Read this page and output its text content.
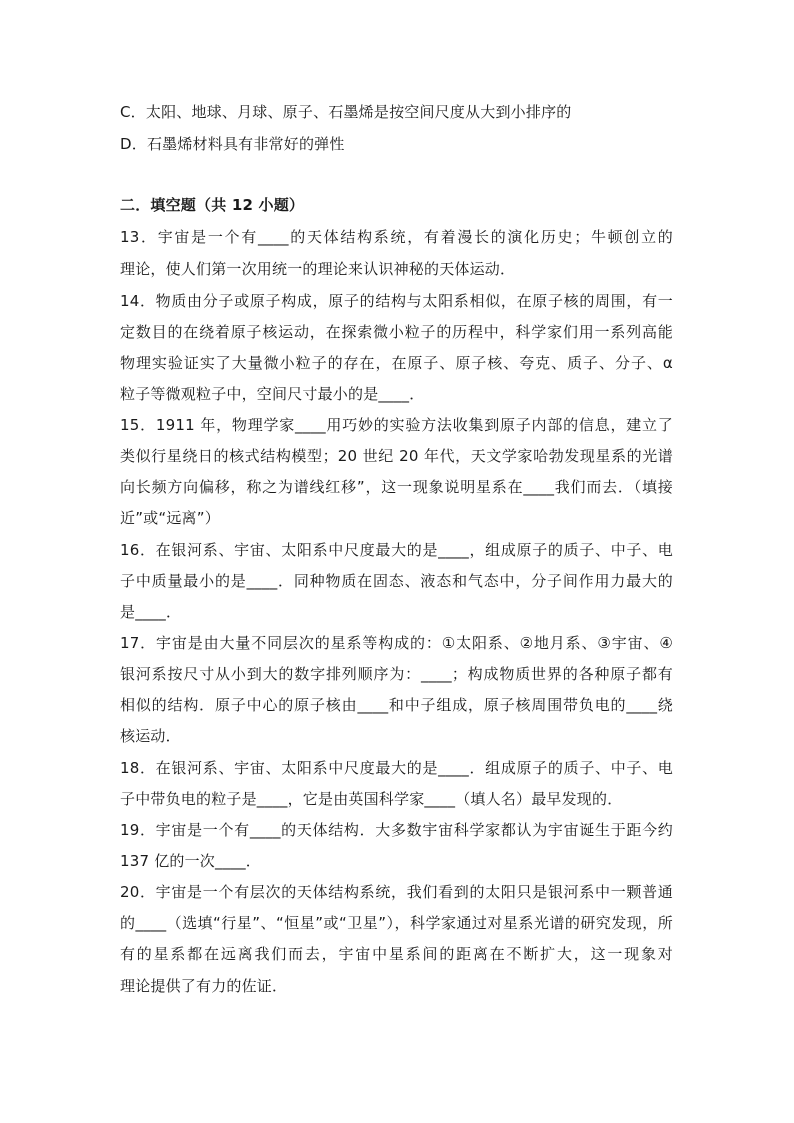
C．太阳、地球、月球、原子、石墨烯是按空间尺度从大到小排序的
D．石墨烯材料具有非常好的弹性
二．填空题（共 12 小题）
13．宇宙是一个有____的天体结构系统，有着漫长的演化历史；牛顿创立的
理论，使人们第一次用统一的理论来认识神秘的天体运动．
14．物质由分子或原子构成，原子的结构与太阳系相似，在原子核的周围，有一
定数目的在绕着原子核运动，在探索微小粒子的历程中，科学家们用一系列高能
物理实验证实了大量微小粒子的存在，在原子、原子核、夸克、质子、分子、α
粒子等微观粒子中，空间尺寸最小的是____．
15．1911 年，物理学家____用巧妙的实验方法收集到原子内部的信息，建立了
类似行星绕日的核式结构模型；20 世纪 20 年代，天文学家哈勃发现星系的光谱
向长频方向偏移，称之为谱线红移”，这一现象说明星系在____我们而去．（填接
近”或“远离”）
16．在银河系、宇宙、太阳系中尺度最大的是____，组成原子的质子、中子、电
子中质量最小的是____．同种物质在固态、液态和气态中，分子间作用力最大的
是____．
17．宇宙是由大量不同层次的星系等构成的：①太阳系、②地月系、③宇宙、④
银河系按尺寸从小到大的数字排列顺序为：____；构成物质世界的各种原子都有
相似的结构．原子中心的原子核由____和中子组成，原子核周围带负电的____绕
核运动．
18．在银河系、宇宙、太阳系中尺度最大的是____．组成原子的质子、中子、电
子中带负电的粒子是____，它是由英国科学家____（填人名）最早发现的．
19．宇宙是一个有____的天体结构．大多数宇宙科学家都认为宇宙诞生于距今约
137 亿的一次____．
20．宇宙是一个有层次的天体结构系统，我们看到的太阳只是银河系中一颗普通
的____（选填“行星”、“恒星”或“卫星”），科学家通过对星系光谱的研究发现，所
有的星系都在远离我们而去，宇宙中星系间的距离在不断扩大，这一现象对
理论提供了有力的佐证．
